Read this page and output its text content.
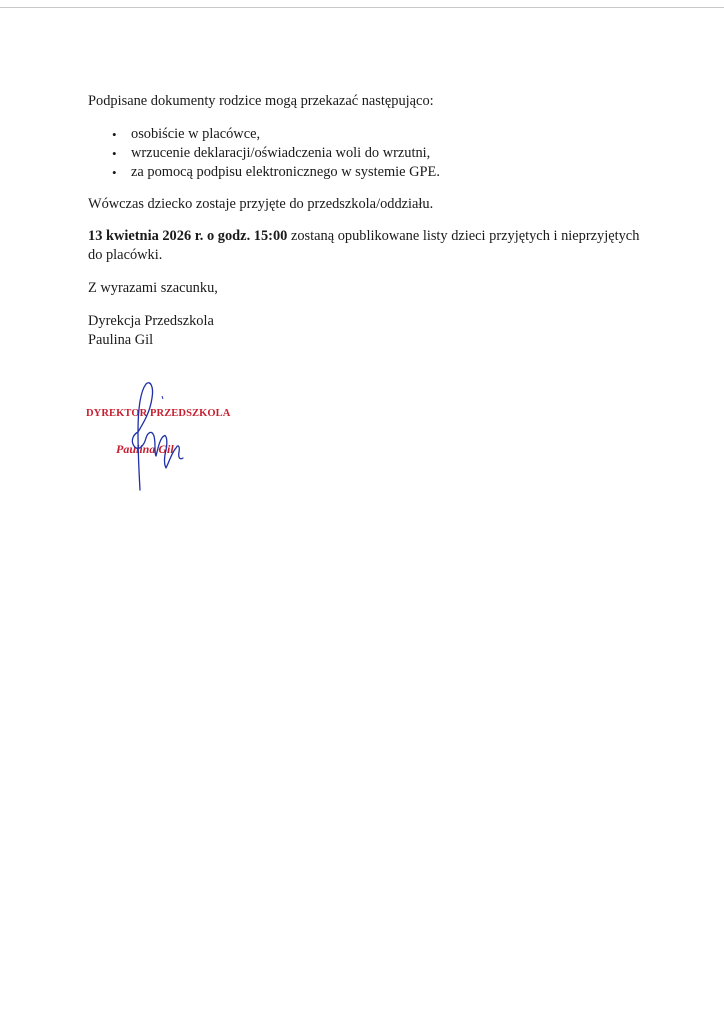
Podpisane dokumenty rodzice mogą przekazać następująco:

• osobiście w placówce,
• wrzucenie deklaracji/oświadczenia woli do wrzutni,
• za pomocą podpisu elektronicznego w systemie GPE.

Wówczas dziecko zostaje przyjęte do przedszkola/oddziału.

13 kwietnia 2026 r. o godz. 15:00 zostaną opublikowane listy dzieci przyjętych i nieprzyjętych
do placówki.

Z wyrazami szacunku,

Dyrekcja Przedszkola
Paulina Gil

DYREKTOR PRZEDSZKOLA
Paulina Gil
